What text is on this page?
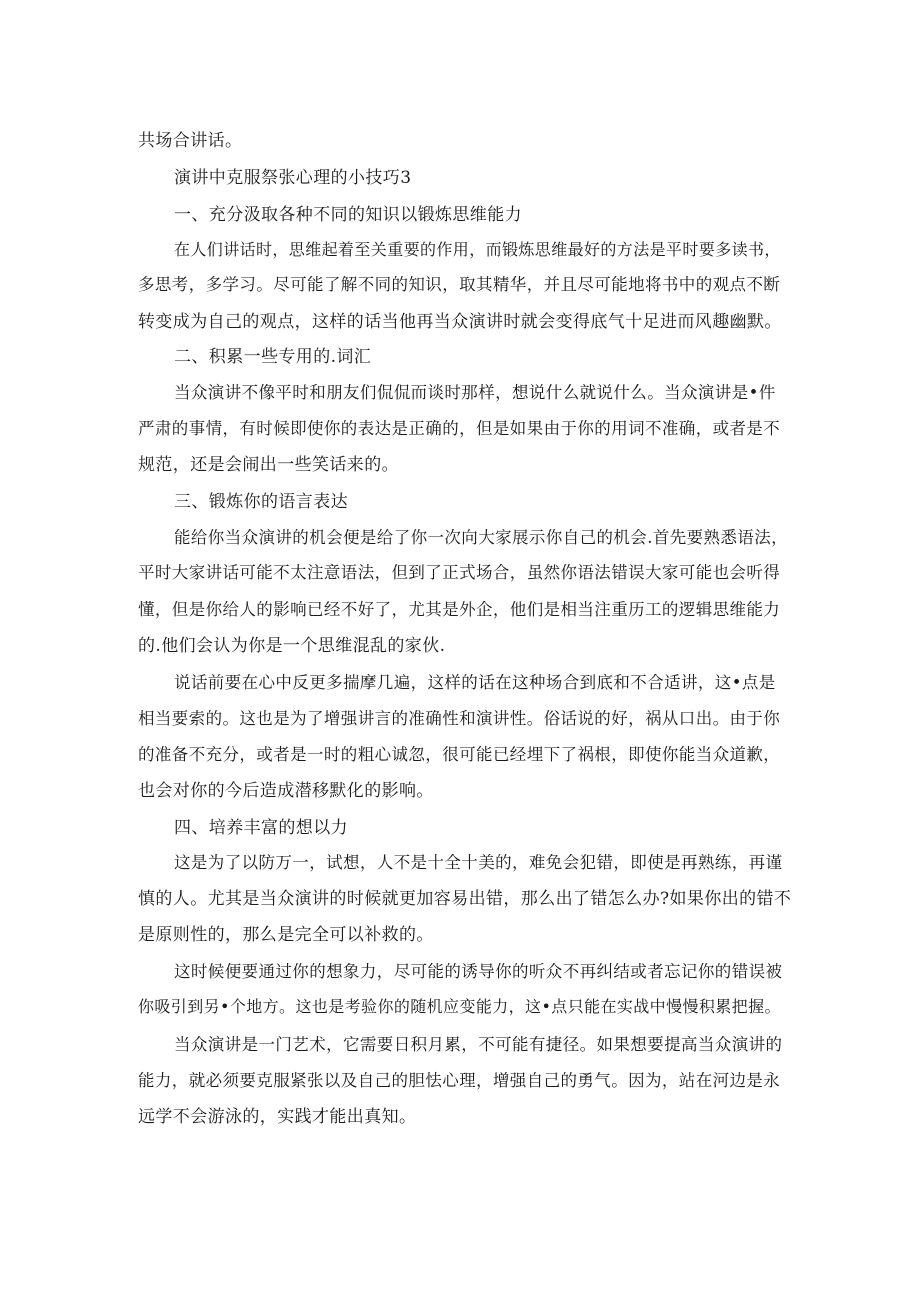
共场合讲话。
演讲中克服祭张心理的小技巧3
一、充分汲取各种不同的知识以锻炼思维能力
在人们讲话时，思维起着至关重要的作用，而锻炼思维最好的方法是平时要多读书，
多思考，多学习。尽可能了解不同的知识，取其精华，并且尽可能地将书中的观点不断
转变成为自己的观点，这样的话当他再当众演讲时就会变得底气十足进而风趣幽默。
二、积累一些专用的.词汇
当众演讲不像平时和朋友们侃侃而谈时那样，想说什么就说什么。当众演讲是•件
严肃的事情，有时候即使你的表达是正确的，但是如果由于你的用词不准确，或者是不
规范，还是会闹出一些笑话来的。
三、锻炼你的语言表达
能给你当众演讲的机会便是给了你一次向大家展示你自己的机会.首先要熟悉语法，
平时大家讲话可能不太注意语法，但到了正式场合，虽然你语法错误大家可能也会听得
懂，但是你给人的影响已经不好了，尤其是外企，他们是相当注重历工的逻辑思维能力
的.他们会认为你是一个思维混乱的家伙.
说话前要在心中反更多揣摩几遍，这样的话在这种场合到底和不合适讲，这•点是
相当要索的。这也是为了增强讲言的准确性和演讲性。俗话说的好，祸从口出。由于你
的准备不充分，或者是一时的粗心诚忽，很可能已经埋下了祸根，即使你能当众道歉，
也会对你的今后造成潜移默化的影响。
四、培养丰富的想以力
这是为了以防万一，试想，人不是十全十美的，难免会犯错，即使是再熟练，再谨
慎的人。尤其是当众演讲的时候就更加容易出错，那么出了错怎么办?如果你出的错不
是原则性的，那么是完全可以补救的。
这时候便要通过你的想象力，尽可能的诱导你的听众不再纠结或者忘记你的错误被
你吸引到另•个地方。这也是考验你的随机应变能力，这•点只能在实战中慢慢积累把握。
当众演讲是一门艺术，它需要日积月累，不可能有捷径。如果想要提高当众演讲的
能力，就必须要克服紧张以及自己的胆怯心理，增强自己的勇气。因为，站在河边是永
远学不会游泳的，实践才能出真知。
